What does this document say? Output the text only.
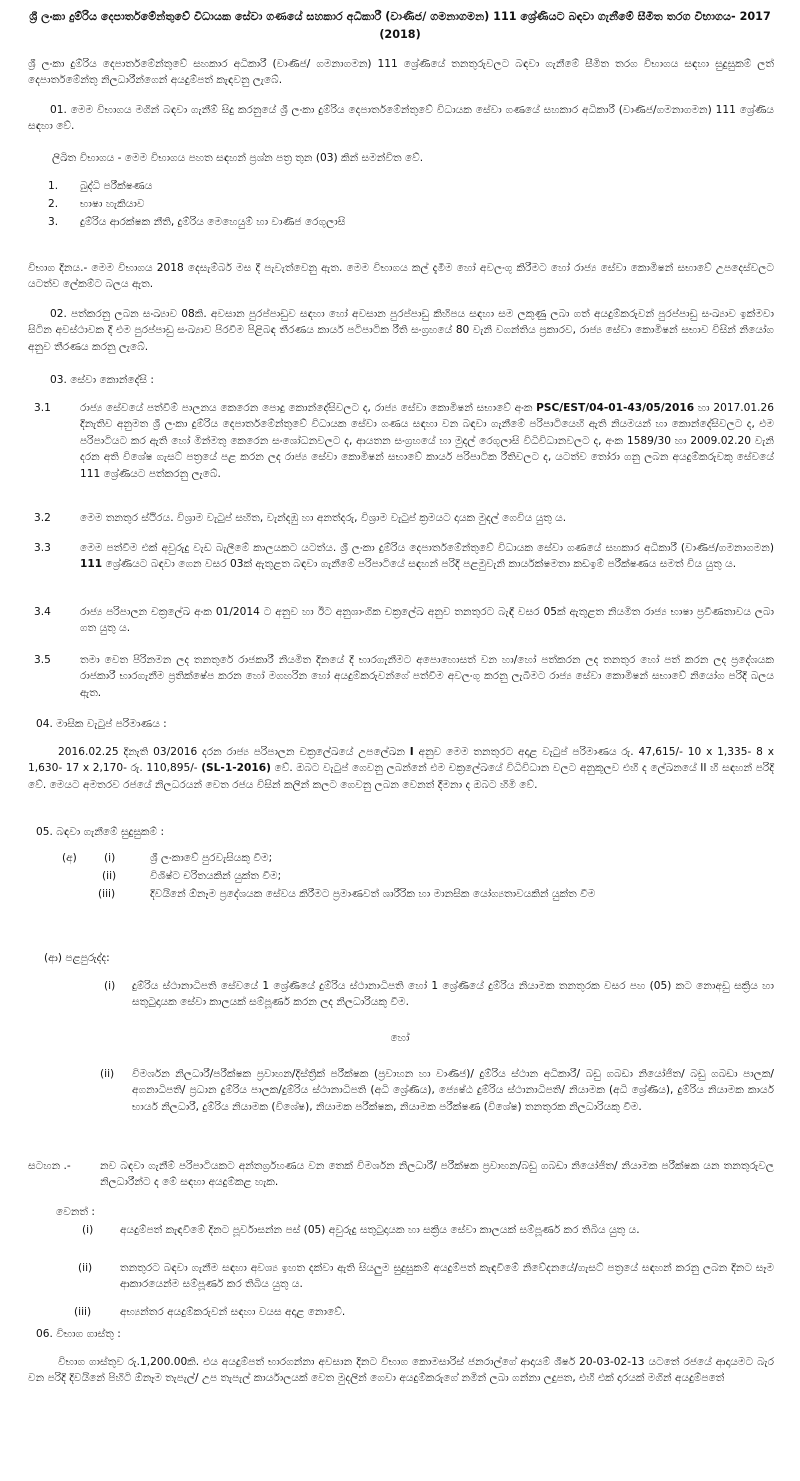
ශ්‍රී ලංකා දුම්රිය දෙපාර්තමේන්තුවේ විධායක සේවා ගණයේ සහකාර අධිකාරී (වාණිජ/ ගමනාගමන) 111 ශ්‍රේණියට බඳවා ගැනීමේ සීමිත තරග විභාගය- 2017 (2018)
ශ්‍රී ලංකා දුම්රිය දෙපාර්තමේන්තුවේ සහකාර අධිකාරී (වාණිජ/ ගමනාගමන) 111 ශ්‍රේණියේ තනතුරුවලට බඳවා ගැනීමේ සීමිත තරග විභාගය සඳහා සුදුසුකම් ලත් දෙපාර්තමේන්තු නිලධාරීන්ගෙන් අයදුම්පත් කැඳවනු ලැබේ.
01. මෙම විභාගය මගින් බඳවා ගැනීම් සිදු කරනුයේ ශ්‍රී ලංකා දුම්රිය දෙපාර්තමේන්තුවේ විධායක සේවා ගණයේ සහකාර අධිකාරී (වාණිජ/ගමනාගමන) 111 ශ්‍රේණිය සඳහා වේ.
ලිඛිත විභාගය - මෙම විභාගය පහත සඳහන් ප්‍රශ්න පත්‍ර තුන (03) කින් සමන්විත වේ.
1. බුද්ධි පරීක්ෂණය
2. භාෂා හැකියාව
3. දුම්රිය ආරක්ෂක නීති, දුම්රිය මෙහෙයුම් හා වාණිජ රෙගුලාසි
විභාග දිනය.- මෙම විභාගය 2018 දෙසැම්බර් මස දී පැවැත්වෙනු ඇත. මෙම විභාගය කල් දැමීම හෝ අවලංගු කිරීමට හෝ රාජ්‍ය සේවා කොමිෂන් සභාවේ උපදෙස්වලට යටත්ව ලේකම්ට බලය ඇත.
02. පත්කරනු ලබන සංඛ්‍යාව 08කි. අවසාන පුරප්පාඩුව සඳහා හෝ අවසාන පුරප්පාඩු කිහිපය සඳහා සම ලකුණු ලබා ගත් අයදුම්කරුවන් පුරප්පාඩු සංඛ්‍යාව ඉක්මවා සිටින අවස්ථාවක දී එම පුරප්පාඩු සංඛ්‍යාව පිරවීම පිළිබඳ තීරණය කාර්ය පටිපාටික රීති සංග්‍රහයේ 80 වැනි වගන්තිය ප්‍රකාරව, රාජ්‍ය සේවා කොමිෂන් සභාව විසින් නියෝග අනුව තීරණය කරනු ලැබේ.
03. සේවා කොන්දේසි :
3.1	රාජ්‍ය සේවයේ පත්වීම් පාලනය කෙරෙන පොදු කොන්දේසිවලට ද, රාජ්‍ය සේවා කොමිෂන් සභාවේ අංක PSC/EST/04-01-43/05/2016 හා 2017.01.26 දිනැතිව අනුමත ශ්‍රී ලංකා දුම්රිය දෙපාර්තමේන්තුවේ විධායක සේවා ගණය සඳහා වන බඳවා ගැනීමේ පරිපාටියෙහි ඇති නියමයන් හා කොන්දේසිවලට ද, එම පරිපාටියට කර ඇති හෝ මින්මතු කෙරෙන සංශෝධනවලට ද, ආයතන සංග්‍රහයේ හා මුදල් රෙගුලාසි විධිවිධානවලට ද, අංක 1589/30 හා 2009.02.20 වැනි දරන අති විශේෂ ගැසට් පත්‍රයේ පළ කරන ලද රාජ්‍ය සේවා කොමිෂන් සභාවේ කාර්ය පරිපාටික රීතිවලට ද, යටත්ව තෝරා ගනු ලබන අයදුම්කරුවකු සේවයේ 111 ශ්‍රේණියට පත්කරනු ලැබේ.
3.2	මෙම තනතුර ස්ථිරය. විශ්‍රාම වැටුප් සහිත, වැන්දඹු හා අනත්දරු, විශ්‍රාම වැටුප් ක්‍රමයට දායක මුදල් ගෙවිය යුතු ය.
3.3	මෙම පත්වීම එක් අවුරුදු වැඩ බැලීමේ කාලයකට යටත්ය. ශ්‍රී ලංකා දුම්රිය දෙපාර්තමේන්තුවේ විධායක සේවා ගණයේ සහකාර අධිකාරී (වාණිජ/ගමනාගමන) 111 ශ්‍රේණියට බඳවා ගෙන වසර 03ක් ඇතුළත බඳවා ගැනීමේ පරිපාටියේ සඳහන් පරිදි පළමුවැනි කාර්යක්ෂමතා කඩඉම් පරීක්ෂණය සමත් විය යුතු ය.
3.4	රාජ්‍ය පරිපාලන චක්‍රලේඛ අංක 01/2014 ට අනුව හා ඊට අනුශාංගික චක්‍රලේඛ අනුව තනතුරට බැඳී වසර 05ක් ඇතුළත නියමිත රාජ්‍ය භාෂා ප්‍රවීණතාවය ලබා ගත යුතු ය.
3.5	තමා වෙත පිරිනමන ලද තනතුරේ රාජකාරී නියමිත දිනයේ දී භාරගැනීමට අපොහොසත් වන හා/හෝ පත්කරන ලද තනතුර හෝ පත් කරන ලද ප්‍රදේශයක රාජකාරී භාරගැනීම ප්‍රතික්ෂේප කරන හෝ මගහරින හෝ අයදුම්කරුවන්ගේ පත්වීම අවලංගු කරනු ලැබීමට රාජ්‍ය සේවා කොමිෂන් සභාවේ නියෝග පරිදි බලය ඇත.
04. මාසික වැටුප් පරිමාණය :
2016.02.25 දිනැති 03/2016 දරන රාජ්‍ය පරිපාලන චක්‍රලේඛයේ උපලේඛන I අනුව මෙම තනතුරට අදාළ වැටුප් පරිමාණය රු. 47,615/- 10 x 1,335- 8 x 1,630- 17 x 2,170- රු. 110,895/- (SL-1-2016) වේ. ඔබට වැටුප් ගෙවනු ලබන්නේ එම චක්‍රලේඛයේ විධිවිධාන වලට අනුකූලව එහි ද ලේඛනයේ II හි සඳහන් පරිදි වේ. මෙයට අමතරව රජයේ නිලධරයන් වෙත රජය විසින් කලින් කලට ගෙවනු ලබන වෙනත් දීමනා ද ඔබට හිමි වේ.
05. බඳවා ගැනීමේ සුදුසුකම් :
(අ)	(i)	ශ්‍රී ලංකාවේ පුරවැසියකු වීම;
(ii)	විශිෂ්ට චරිතයකින් යුක්ත වීම;
(iii)	දිවයිනේ ඕනෑම ප්‍රදේශයක සේවය කිරීමට ප්‍රමාණවත් ශාරීරික හා මානසික යෝග්‍යතාවයකින් යුක්ත වීම
(ආ) පළපුරුද්ද:
(i) දුම්රිය ස්ථානාධිපති සේවයේ 1 ශ්‍රේණියේ දුම්රිය ස්ථානාධිපති හෝ 1 ශ්‍රේණියේ දුම්රිය නියාමක තනතුරක වසර පහ (05) කට නොඅඩු සක්‍රිය හා සතුටුදායක සේවා කාලයක් සම්පූර්ණ කරන ලද නිලධාරියකු වීම.
හෝ
(ii) විමර්ශන නිලධාරී/පරීක්ෂක ප්‍රවාහන/දිස්ත්‍රික් පරීක්ෂක (ප්‍රවාහන හා වාණිජ)/ දුම්රිය ස්ථාන අධිකාරී/ බඩු ගබඩා නියෝජිත/ බඩු ගබඩා පාලක/ අගනාධිපති/ ප්‍රධාන දුම්රිය පාලක/දුම්රිය ස්ථානාධිපති (අධි ශ්‍රේණිය), ජ්‍යෙෂ්ඨ දුම්රිය ස්ථානාධිපති/ නියාමක (අධි ශ්‍රේණිය), දුම්රිය නියාමක කාර්ය භාර්ය නිලධාරී, දුම්රිය නියාමක (විශේෂ), නියාමක පරීක්ෂක, නියාමක පරීක්ෂණ (විශේෂ) තනතුරක නිලධාරියකු වීම.
සටහන .-	නව බඳවා ගැනීම් පරිපාටියකට අන්තර්ග්‍රහණය වන තෙක් විමර්ශන නිලධාරී/ පරීක්ෂක ප්‍රවාහන/බඩු ගබඩා නියෝජිත/ නියාමක පරීක්ෂක යන තනතුරුවල නිලධාරීන්ට ද මේ සඳහා අයදුම්කළ හැක.
වෙනත් :
(i)	අයදුම්පත් කැඳවීමේ දිනට පූර්වාසන්න පස් (05) අවුරුදු සතුටුදායක හා සක්‍රිය සේවා කාලයක් සම්පූර්ණ කර තිබිය යුතු ය.
(ii)	තනතුරට බඳවා ගැනීම සඳහා අවශ්‍ය ඉහත දක්වා ඇති සියලුම සුදුසුකම් අයදුම්පත් කැඳවීමේ නිවේදනයේ/ගැසට් පත්‍රයේ සඳහන් කරනු ලබන දිනට සෑම ආකාරයෙන්ම සම්පූර්ණ කර තිබිය යුතු ය.
(iii)	අභ්‍යන්තර අයදුම්කරුවන් සඳහා වයස අදාළ නොවේ.
06. විභාග ගාස්තු :
විභාග ගාස්තුව රු.1,200.00කි. එය අයදුම්පත් භාරගන්නා අවසාන දිනට විභාග කොමසාරිස් ජනරාල්ගේ ආදායම් ශීර්ෂ 20-03-02-13 යටතේ රජයේ ආදායමට බැර වන පරිදි දිවයිනේ පිහිටි ඕනෑම තැපැල්/ උප තැපැල් කාර්යාලයක් වෙත මුදලින් ගෙවා අයදුම්කරුගේ නමින් ලබා ගන්නා ලදුපත, එහි එක් දාරයක් මගින් අයදුම්පතේ
